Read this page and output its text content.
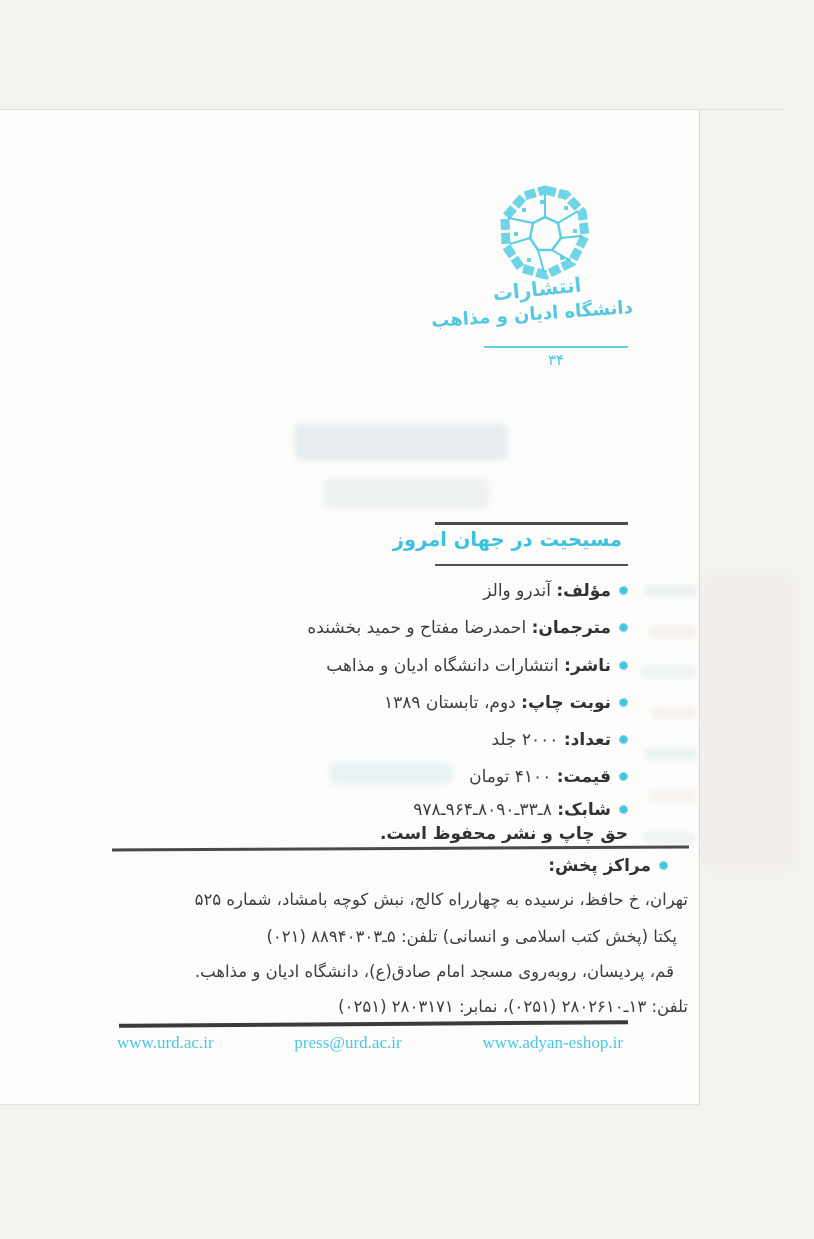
انتشارات
دانشگاه ادیان و مذاهب
۳۴
مسیحیت در جهان امروز
مؤلف: آندرو والز
مترجمان: احمدرضا مفتاح و حمید بخشنده
ناشر: انتشارات دانشگاه ادیان و مذاهب
نوبت چاپ: دوم، تابستان ۱۳۸۹
تعداد: ۲۰۰۰ جلد
قیمت: ۴۱۰۰ تومان
شابک: ۸ـ۳۳ـ۸۰۹۰ـ۹۶۴ـ۹۷۸
حق چاپ و نشر محفوظ است.
مراکز پخش:
تهران، خ حافظ، نرسیده به چهارراه کالج، نبش کوچه بامشاد، شماره ۵۲۵
پکتا (پخش کتب اسلامی و انسانی) تلفن: ۵ـ۸۸۹۴۰۳۰۳ (۰۲۱)
قم، پردیسان، روبه‌روی مسجد امام صادق(ع)، دانشگاه ادیان و مذاهب.
تلفن: ۱۳ـ۲۸۰۲۶۱۰ (۰۲۵۱)، نمابر: ۲۸۰۳۱۷۱ (۰۲۵۱)
www.urd.ac.ir	press@urd.ac.ir	www.adyan-eshop.ir
